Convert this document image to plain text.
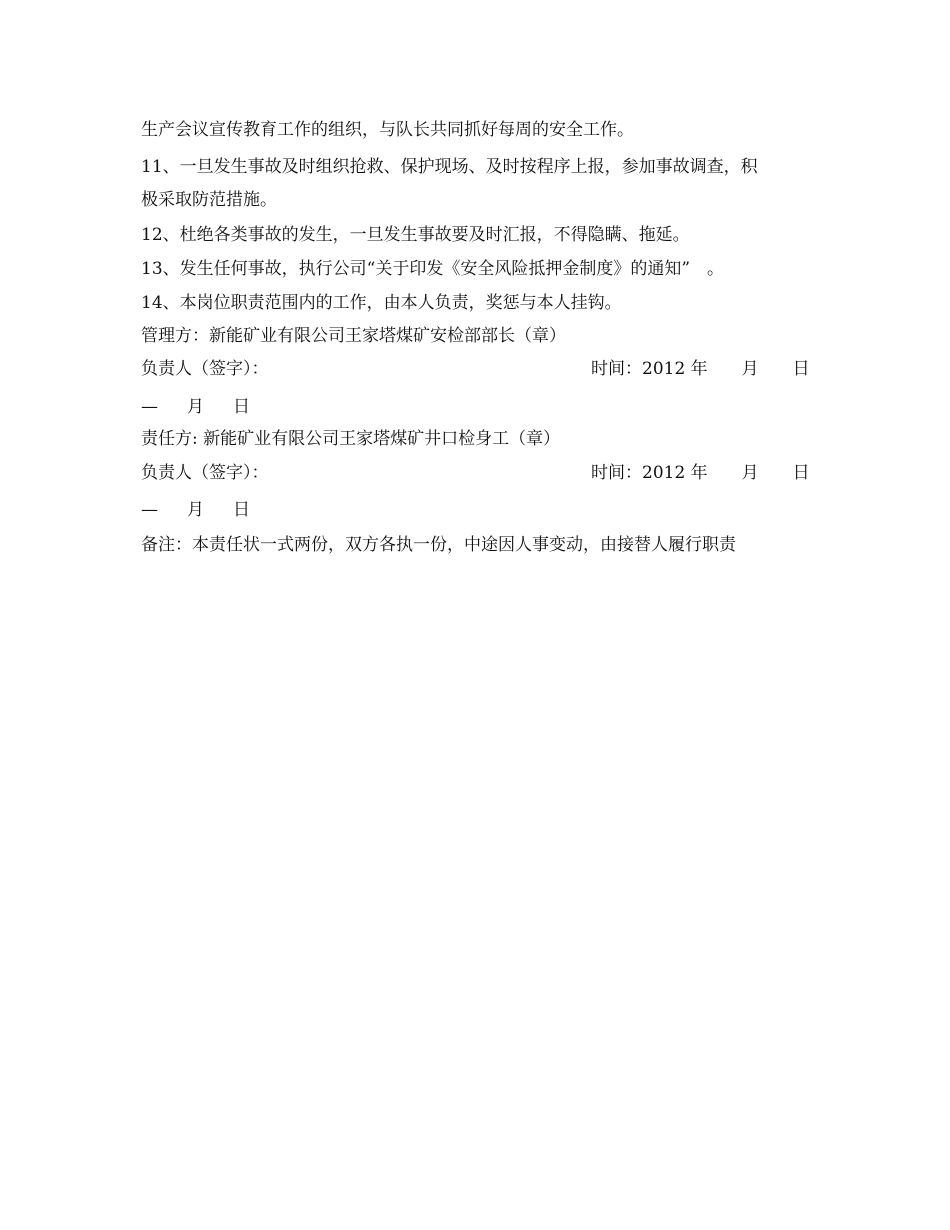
生产会议宣传教育工作的组织，与队长共同抓好每周的安全工作。
11、一旦发生事故及时组织抢救、保护现场、及时按程序上报，参加事故调查，积
极采取防范措施。
12、杜绝各类事故的发生，一旦发生事故要及时汇报，不得隐瞒、拖延。
13、发生任何事故，执行公司“关于印发《安全风险抵押金制度》的通知”　。
14、本岗位职责范围内的工作，由本人负责，奖惩与本人挂钩。
管理方：新能矿业有限公司王家塔煤矿安检部部长（章）
负责人（签字）：	时间：2012 年 月 日
— 月 日
责任方: 新能矿业有限公司王家塔煤矿井口检身工（章）
负责人（签字）：	时间：2012 年 月 日
— 月 日
备注：本责任状一式两份，双方各执一份，中途因人事变动，由接替人履行职责
